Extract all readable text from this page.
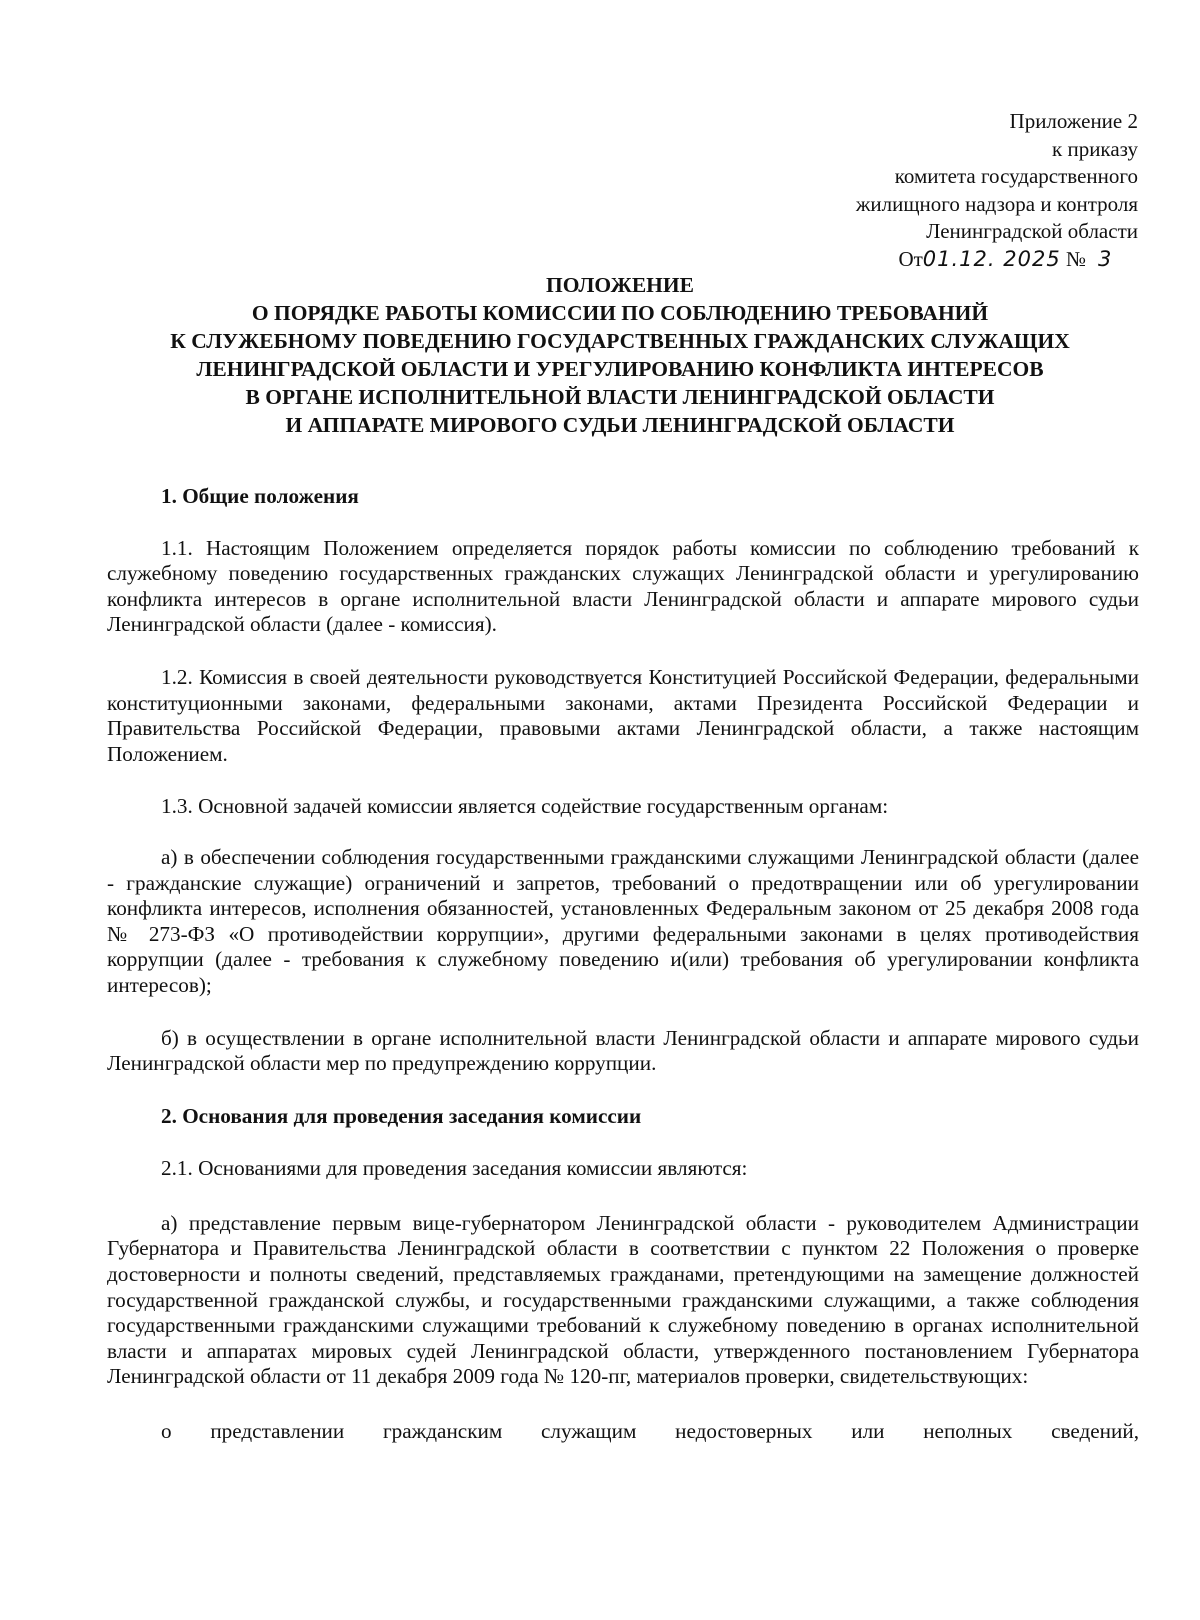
Приложение 2
к приказу
комитета государственного
жилищного надзора и контроля
Ленинградской области
От01.12. 2025 № 3
ПОЛОЖЕНИЕ
О ПОРЯДКЕ РАБОТЫ КОМИССИИ ПО СОБЛЮДЕНИЮ ТРЕБОВАНИЙ
К СЛУЖЕБНОМУ ПОВЕДЕНИЮ ГОСУДАРСТВЕННЫХ ГРАЖДАНСКИХ СЛУЖАЩИХ
ЛЕНИНГРАДСКОЙ ОБЛАСТИ И УРЕГУЛИРОВАНИЮ КОНФЛИКТА ИНТЕРЕСОВ
В ОРГАНЕ ИСПОЛНИТЕЛЬНОЙ ВЛАСТИ ЛЕНИНГРАДСКОЙ ОБЛАСТИ
И АППАРАТЕ МИРОВОГО СУДЬИ ЛЕНИНГРАДСКОЙ ОБЛАСТИ

1. Общие положения

1.1. Настоящим Положением определяется порядок работы комиссии по соблюдению требований к служебному поведению государственных гражданских служащих Ленинградской области и урегулированию конфликта интересов в органе исполнительной власти Ленинградской области и аппарате мирового судьи Ленинградской области (далее - комиссия).

1.2. Комиссия в своей деятельности руководствуется Конституцией Российской Федерации, федеральными конституционными законами, федеральными законами, актами Президента Российской Федерации и Правительства Российской Федерации, правовыми актами Ленинградской области, а также настоящим Положением.

1.3. Основной задачей комиссии является содействие государственным органам:

а) в обеспечении соблюдения государственными гражданскими служащими Ленинградской области (далее - гражданские служащие) ограничений и запретов, требований о предотвращении или об урегулировании конфликта интересов, исполнения обязанностей, установленных Федеральным законом от 25 декабря 2008 года № 273-ФЗ «О противодействии коррупции», другими федеральными законами в целях противодействия коррупции (далее - требования к служебному поведению и(или) требования об урегулировании конфликта интересов);

б) в осуществлении в органе исполнительной власти Ленинградской области и аппарате мирового судьи Ленинградской области мер по предупреждению коррупции.

2. Основания для проведения заседания комиссии

2.1. Основаниями для проведения заседания комиссии являются:

а) представление первым вице-губернатором Ленинградской области - руководителем Администрации Губернатора и Правительства Ленинградской области в соответствии с пунктом 22 Положения о проверке достоверности и полноты сведений, представляемых гражданами, претендующими на замещение должностей государственной гражданской службы, и государственными гражданскими служащими, а также соблюдения государственными гражданскими служащими требований к служебному поведению в органах исполнительной власти и аппаратах мировых судей Ленинградской области, утвержденного постановлением Губернатора Ленинградской области от 11 декабря 2009 года № 120-пг, материалов проверки, свидетельствующих:

о представлении гражданским служащим недостоверных или неполных сведений,
